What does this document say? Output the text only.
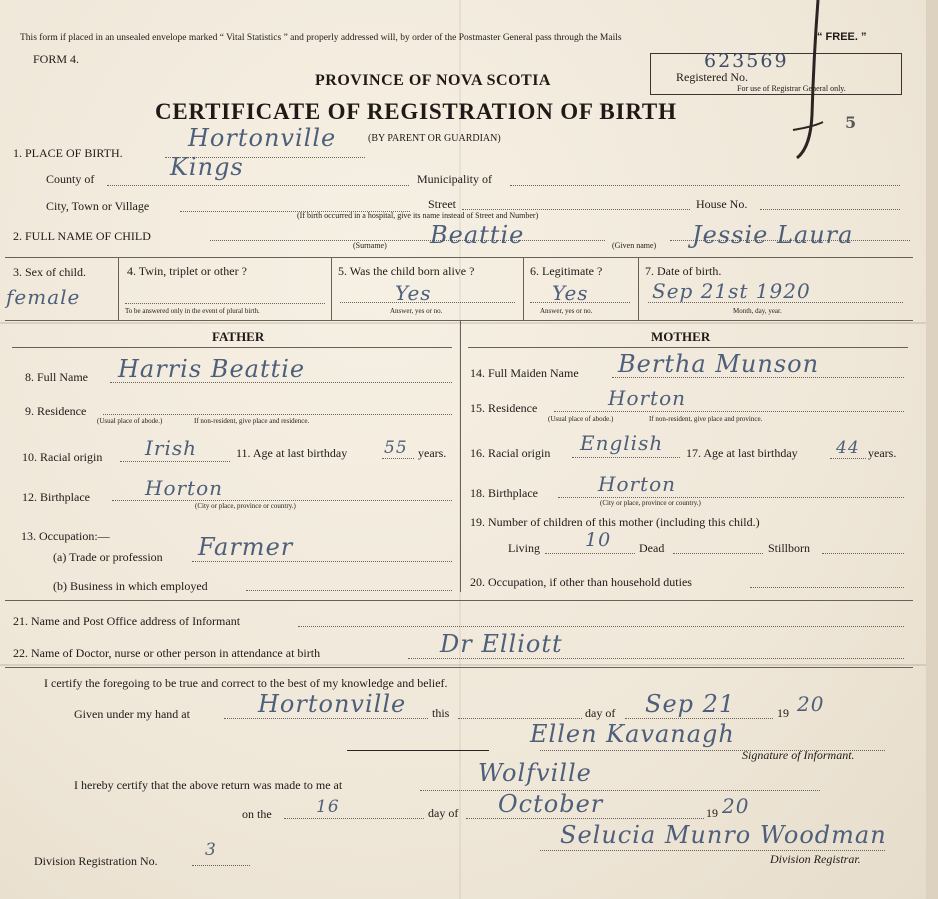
This form if placed in an unsealed envelope marked “ Vital Statistics ” and properly addressed will, by order of the Postmaster General pass through the Mails	“ FREE. ”
FORM 4.
PROVINCE OF NOVA SCOTIA
CERTIFICATE OF REGISTRATION OF BIRTH
(BY PARENT OR GUARDIAN)
Registered No.
For use of Registrar General only.
623569
5
1. PLACE OF BIRTH.
Hortonville
County of	Kings	Municipality of
City, Town or Village	Street	House No.
(If birth occurred in a hospital, give its name instead of Street and Number)
2. FULL NAME OF CHILD
(Surname) Beattie	(Given name) Jessie Laura
3. Sex of child.
female
4. Twin, triplet or other ?
To be answered only in the event of plural birth.
5. Was the child born alive ?
Yes
Answer, yes or no.
6. Legitimate ?
Yes
Answer, yes or no.
7. Date of birth.
Sep 21st 1920
Month, day, year.
FATHER	MOTHER
8. Full Name Harris Beattie
9. Residence
(Usual place of abode.)	If non-resident, give place and residence.
10. Racial origin Irish	11. Age at last birthday 55 years.
12. Birthplace	Horton
(City or place, province or country.)
13. Occupation:—
(a) Trade or profession Farmer
(b) Business in which employed
14. Full Maiden Name Bertha Munson
15. Residence	Horton
(Usual place of abode.)	If non-resident, give place and province.
16. Racial origin English 17. Age at last birthday 44 years.
18. Birthplace	Horton
(City or place, province or country.)
19. Number of children of this mother (including this child.)
Living 10 Dead	Stillborn
20. Occupation, if other than household duties
21. Name and Post Office address of Informant
22. Name of Doctor, nurse or other person in attendance at birth	Dr Elliott
I certify the foregoing to be true and correct to the best of my knowledge and belief.
Given under my hand at	Hortonville this	day of Sep 21	19 20
Ellen Kavanagh
Signature of Informant.
I hereby certify that the above return was made to me at	Wolfville
on the	16	day of October	19 20
Selucia Munro Woodman
Division Registrar.
Division Registration No.
3
